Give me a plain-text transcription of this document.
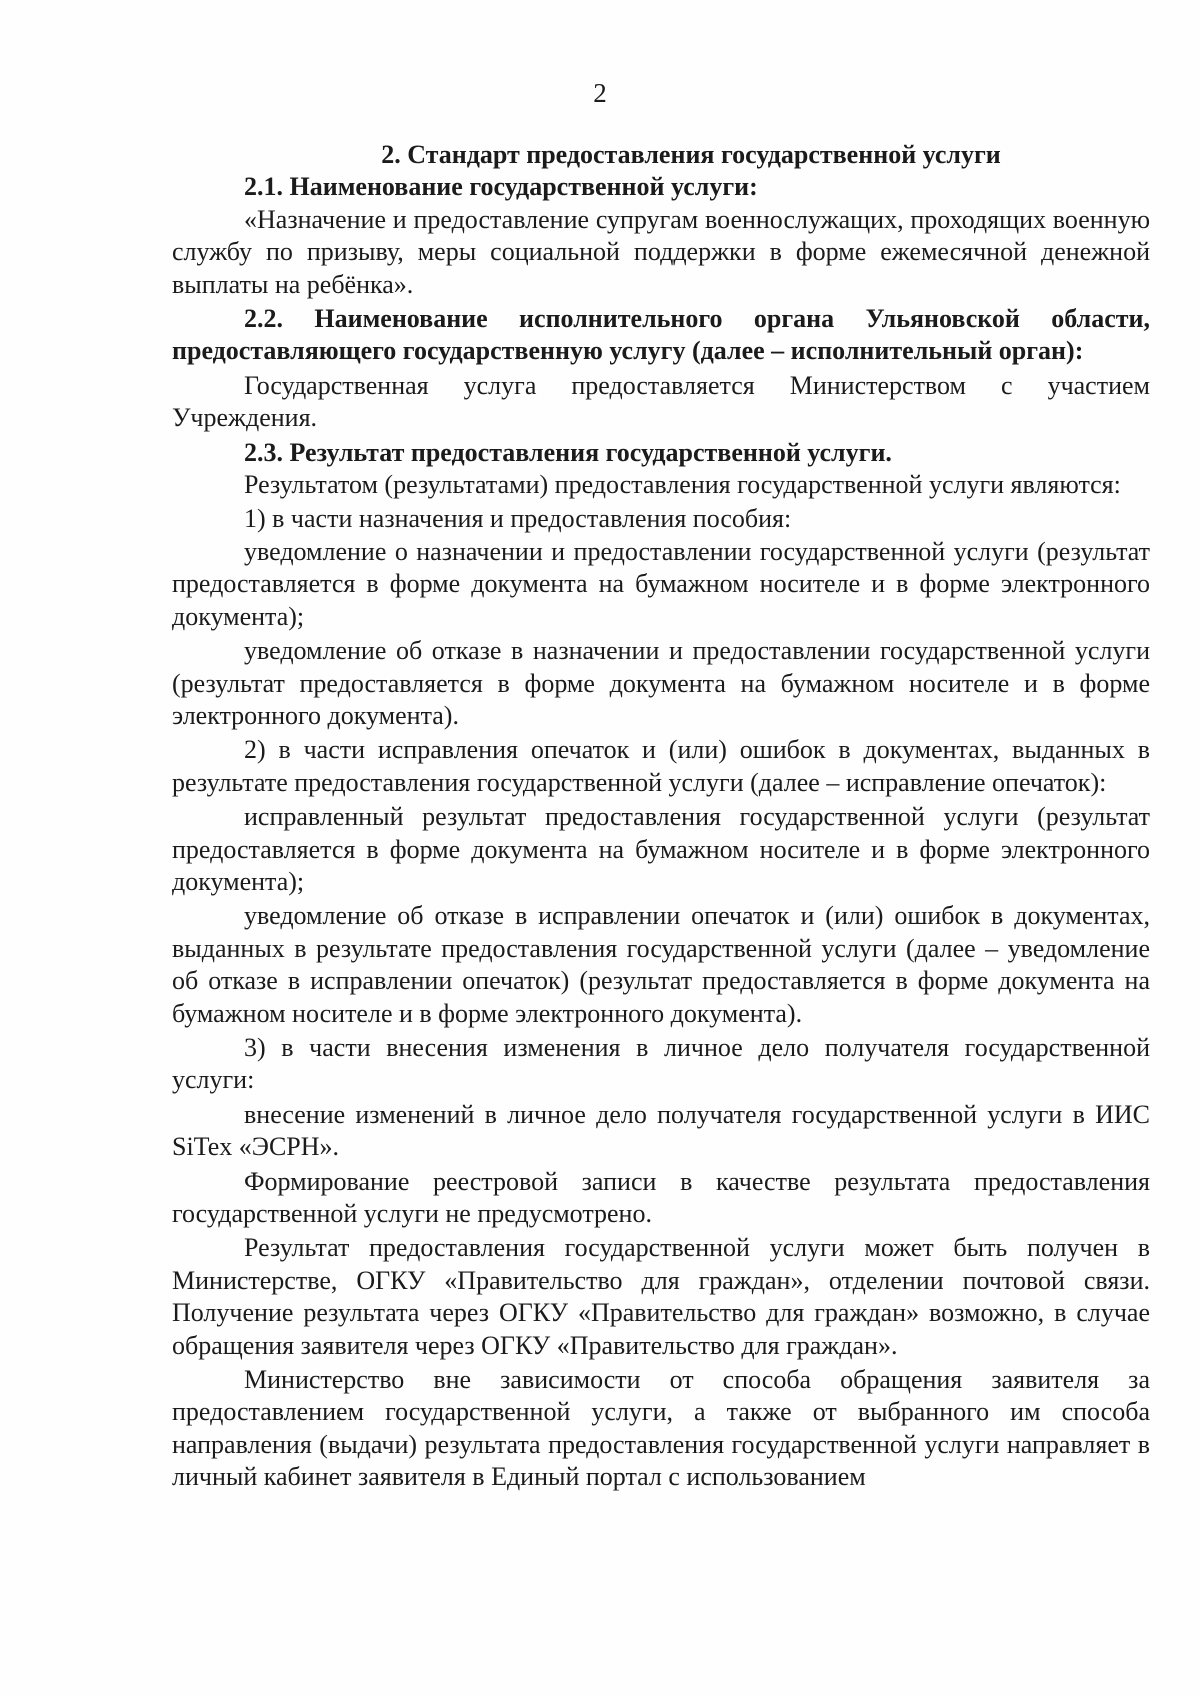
2

2. Стандарт предоставления государственной услуги

2.1. Наименование государственной услуги:

«Назначение и предоставление супругам военнослужащих, проходящих военную службу по призыву, меры социальной поддержки в форме ежемесячной денежной выплаты на ребёнка».

2.2. Наименование исполнительного органа Ульяновской области, предоставляющего государственную услугу (далее – исполнительный орган):

Государственная услуга предоставляется Министерством с участием Учреждения.

2.3. Результат предоставления государственной услуги.

Результатом (результатами) предоставления государственной услуги являются:

1) в части назначения и предоставления пособия:

уведомление о назначении и предоставлении государственной услуги (результат предоставляется в форме документа на бумажном носителе и в форме электронного документа);

уведомление об отказе в назначении и предоставлении государственной услуги (результат предоставляется в форме документа на бумажном носителе и в форме электронного документа).

2) в части исправления опечаток и (или) ошибок в документах, выданных в результате предоставления государственной услуги (далее – исправление опечаток):

исправленный результат предоставления государственной услуги (результат предоставляется в форме документа на бумажном носителе и в форме электронного документа);

уведомление об отказе в исправлении опечаток и (или) ошибок в документах, выданных в результате предоставления государственной услуги (далее – уведомление об отказе в исправлении опечаток) (результат предоставляется в форме документа на бумажном носителе и в форме электронного документа).

3) в части внесения изменения в личное дело получателя государственной услуги:

внесение изменений в личное дело получателя государственной услуги в ИИС SiTex «ЭСРН».

Формирование реестровой записи в качестве результата предоставления государственной услуги не предусмотрено.

Результат предоставления государственной услуги может быть получен в Министерстве, ОГКУ «Правительство для граждан», отделении почтовой связи. Получение результата через ОГКУ «Правительство для граждан» возможно, в случае обращения заявителя через ОГКУ «Правительство для граждан».

Министерство вне зависимости от способа обращения заявителя за предоставлением государственной услуги, а также от выбранного им способа направления (выдачи) результата предоставления государственной услуги направляет в личный кабинет заявителя в Единый портал с использованием
